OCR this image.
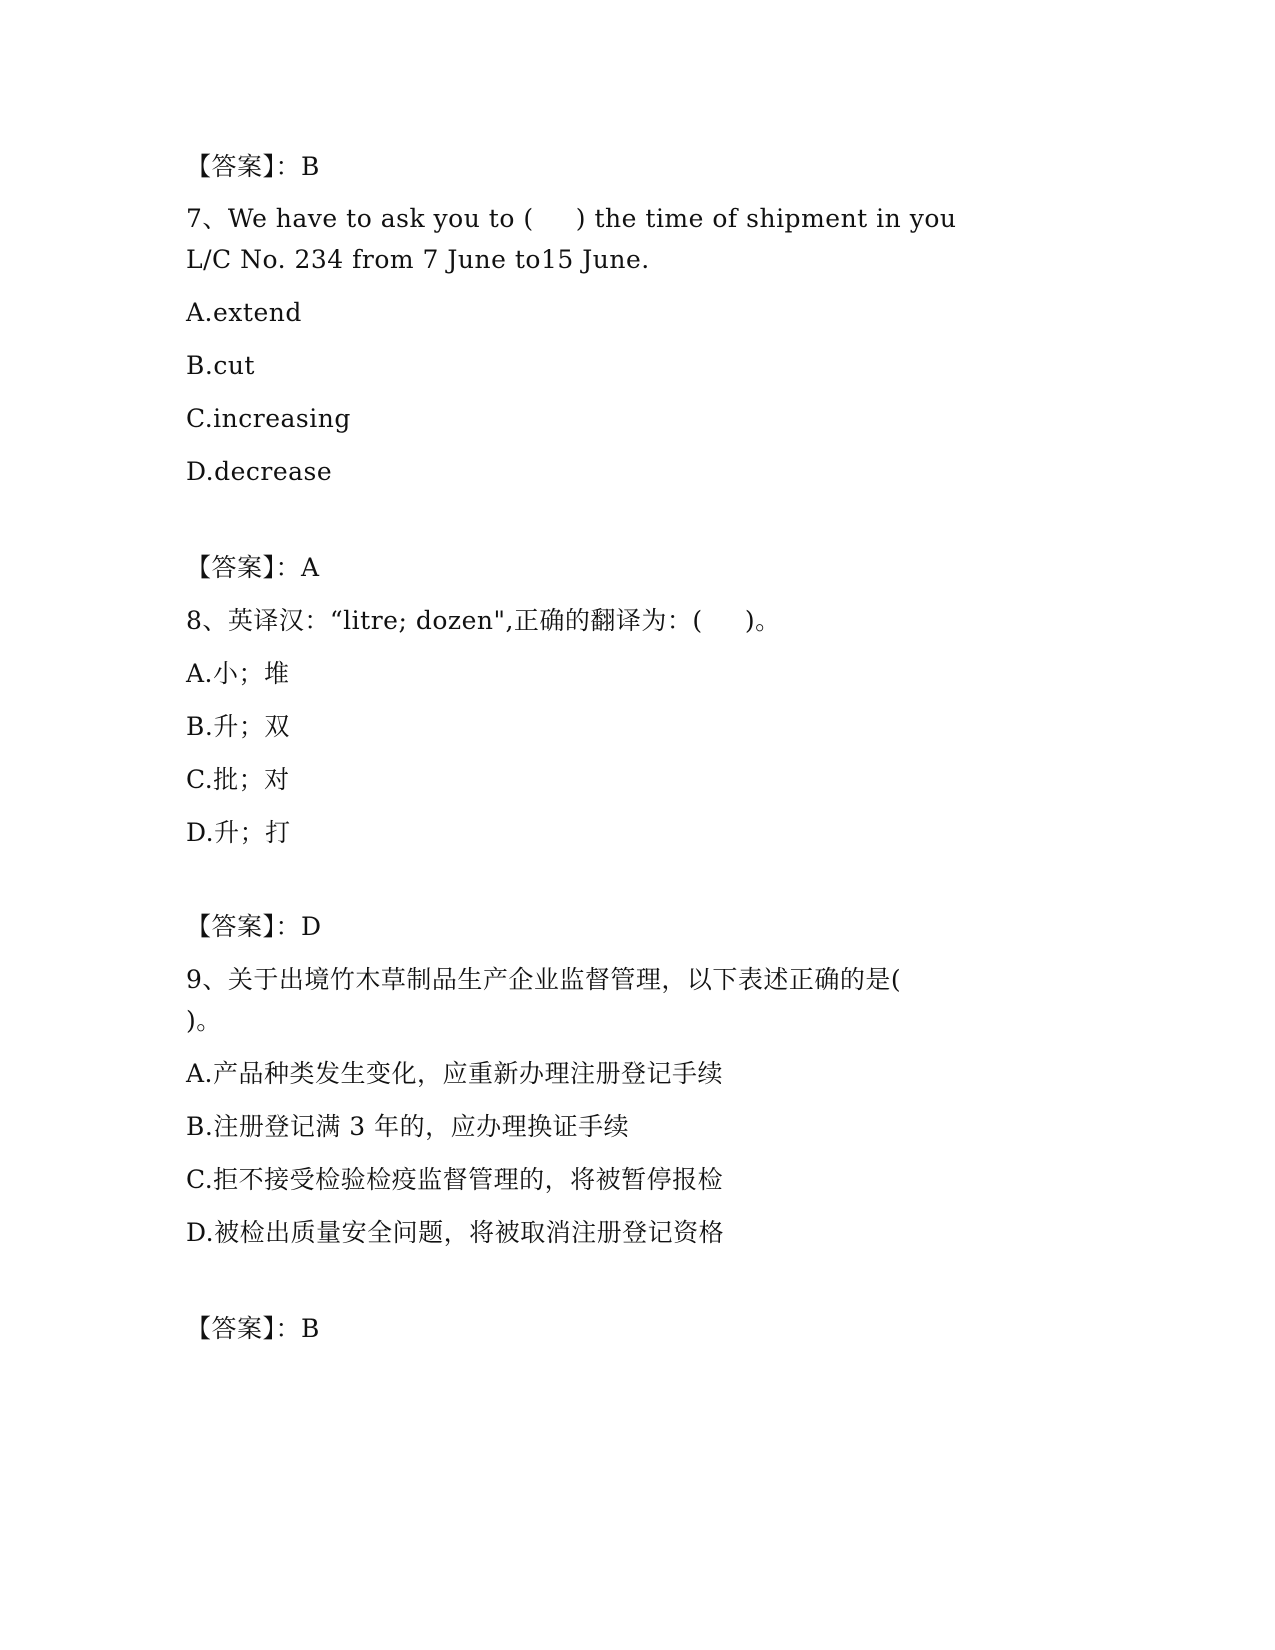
【答案】：B
7、We have to ask you to (     ) the time of shipment in you
L/C No. 234 from 7 June to15 June.
A.extend
B.cut
C.increasing
D.decrease
【答案】：A
8、英译汉：“litre; dozen",正确的翻译为：(     )。
A.小；堆
B.升；双
C.批；对
D.升；打
【答案】：D
9、关于出境竹木草制品生产企业监督管理，以下表述正确的是(
)。
A.产品种类发生变化，应重新办理注册登记手续
B.注册登记满 3 年的，应办理换证手续
C.拒不接受检验检疫监督管理的，将被暂停报检
D.被检出质量安全问题，将被取消注册登记资格
【答案】：B
